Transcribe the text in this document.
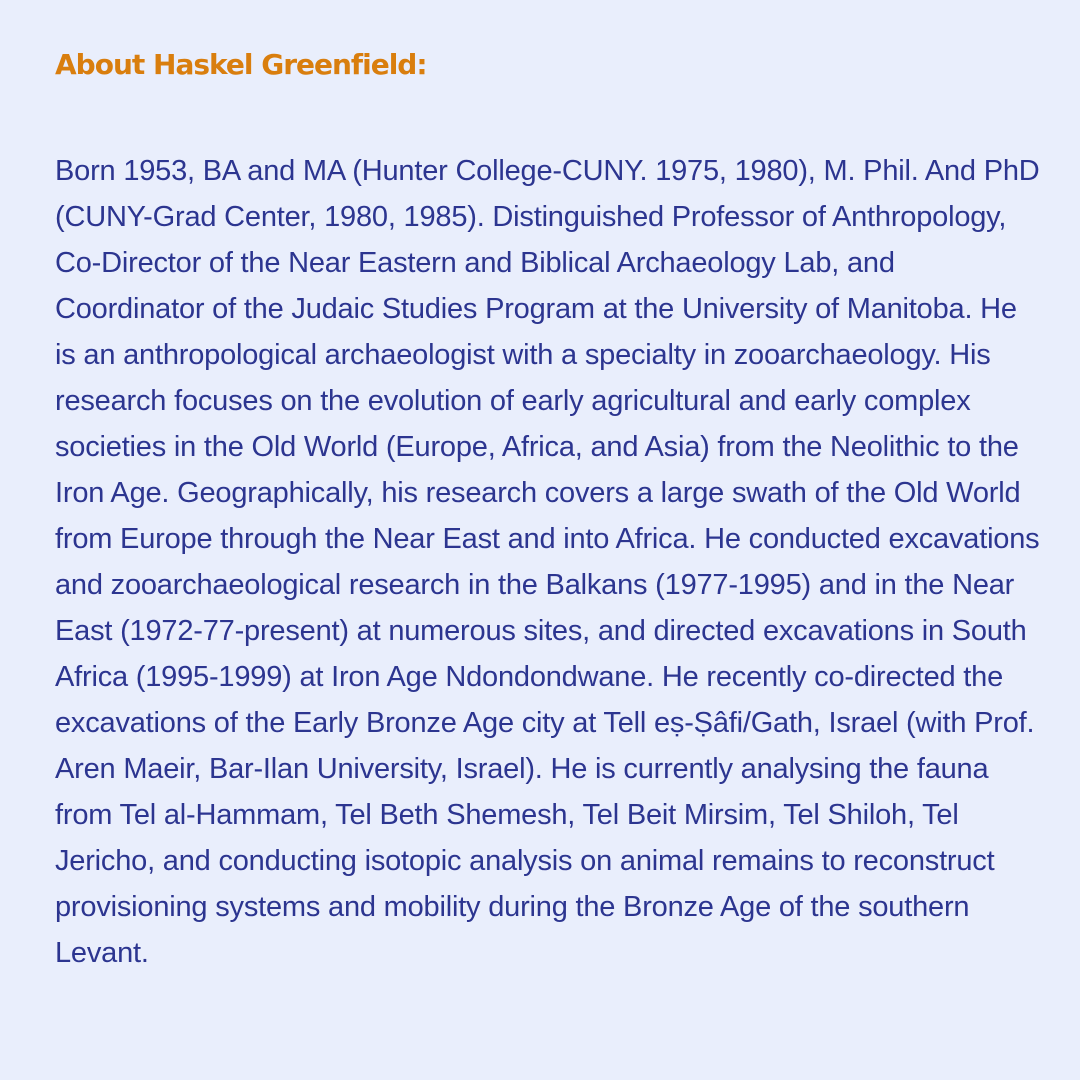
About Haskel Greenfield:

Born 1953, BA and MA (Hunter College-CUNY. 1975, 1980), M. Phil. And PhD (CUNY-Grad Center, 1980, 1985). Distinguished Professor of Anthropology, Co-Director of the Near Eastern and Biblical Archaeology Lab, and Coordinator of the Judaic Studies Program at the University of Manitoba. He is an anthropological archaeologist with a specialty in zooarchaeology. His research focuses on the evolution of early agricultural and early complex societies in the Old World (Europe, Africa, and Asia) from the Neolithic to the Iron Age. Geographically, his research covers a large swath of the Old World from Europe through the Near East and into Africa. He conducted excavations and zooarchaeological research in the Balkans (1977-1995) and in the Near East (1972-77-present) at numerous sites, and directed excavations in South Africa (1995-1999) at Iron Age Ndondondwane. He recently co-directed the excavations of the Early Bronze Age city at Tell eṣ-Ṣâfi/Gath, Israel (with Prof. Aren Maeir, Bar-Ilan University, Israel). He is currently analysing the fauna from Tel al-Hammam, Tel Beth Shemesh, Tel Beit Mirsim, Tel Shiloh, Tel Jericho, and conducting isotopic analysis on animal remains to reconstruct provisioning systems and mobility during the Bronze Age of the southern Levant.
